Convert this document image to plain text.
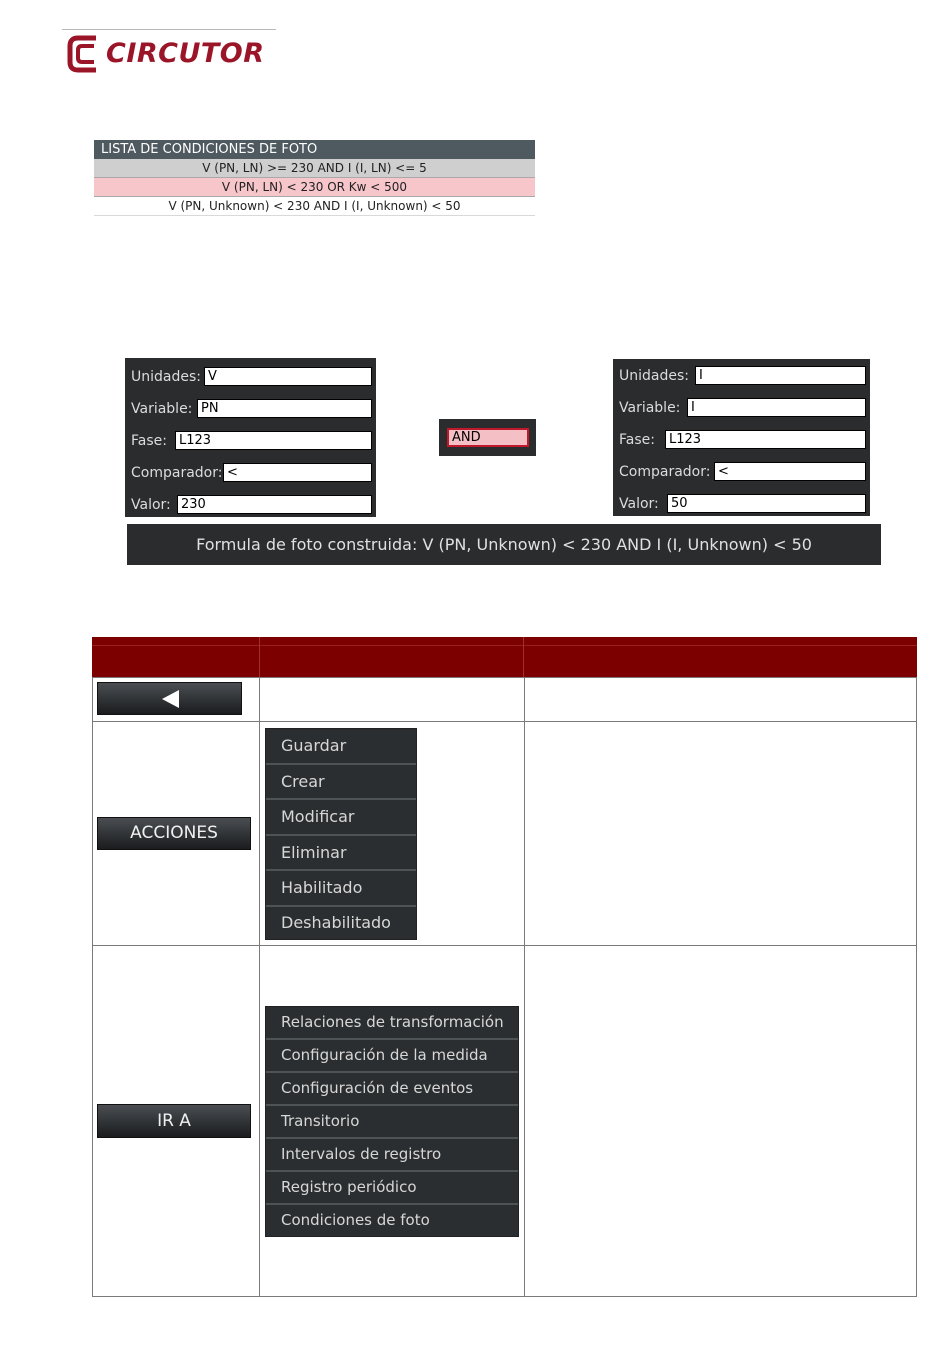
CIRCUTOR
LISTA DE CONDICIONES DE FOTO
V (PN, LN) >= 230 AND I (I, LN) <= 5
V (PN, LN) < 230 OR Kw < 500
V (PN, Unknown) < 230 AND I (I, Unknown) < 50
Unidades: V
Variable: PN
Fase: L123
Comparador: <
Valor: 230
AND
Unidades: I
Variable: I
Fase:	L123
Comparador: <
Valor: 50
Formula de foto construida: V (PN, Unknown) < 230 AND I (I, Unknown) < 50
ACCIONES
Guardar
Crear
Modificar
Eliminar
Habilitado
Deshabilitado
IR A
Relaciones de transformación
Configuración de la medida
Configuración de eventos
Transitorio
Intervalos de registro
Registro periódico
Condiciones de foto
